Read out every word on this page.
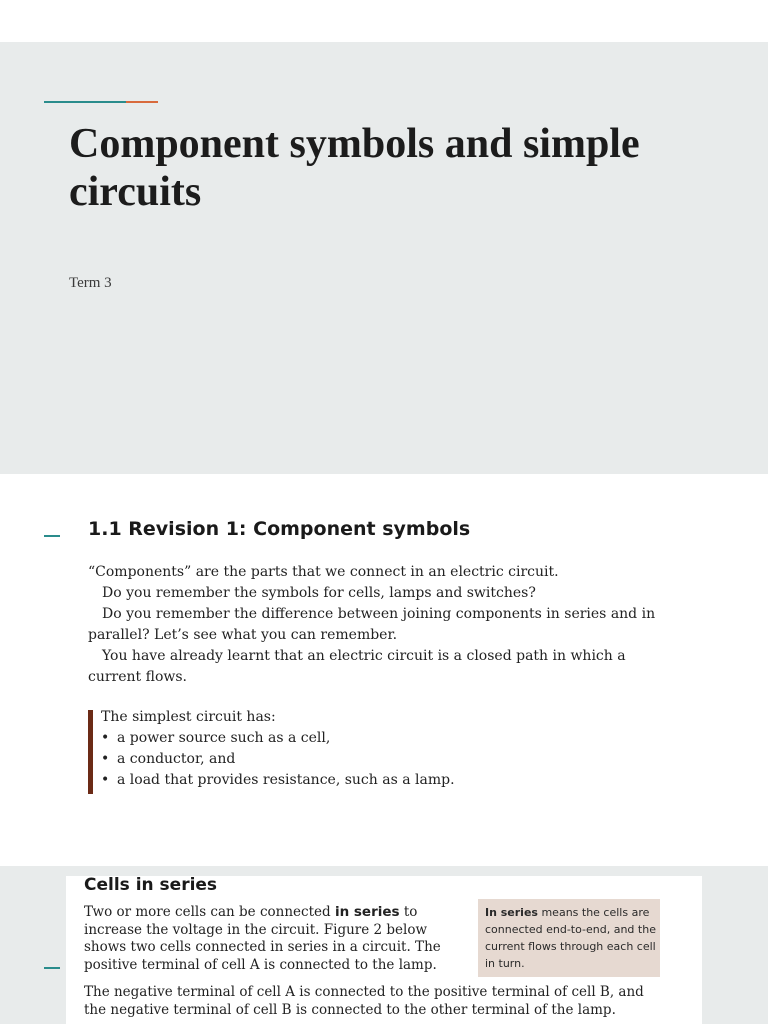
Component symbols and simple circuits
Term 3
1.1 Revision 1: Component symbols

“Components” are the parts that we connect in an electric circuit.

Do you remember the symbols for cells, lamps and switches?

Do you remember the difference between joining components in series and in

parallel? Let’s see what you can remember.

You have already learnt that an electric circuit is a closed path in which a

current flows.

The simplest circuit has:
• a power source such as a cell,
• a conductor, and
• a load that provides resistance, such as a lamp.
Cells in series
Two or more cells can be connected in series to
increase the voltage in the circuit. Figure 2 below
shows two cells connected in series in a circuit. The
positive terminal of cell A is connected to the lamp.
In series means the cells are
connected end-to-end, and the
current flows through each cell
in turn.
The negative terminal of cell A is connected to the positive terminal of cell B, and
the negative terminal of cell B is connected to the other terminal of the lamp.
